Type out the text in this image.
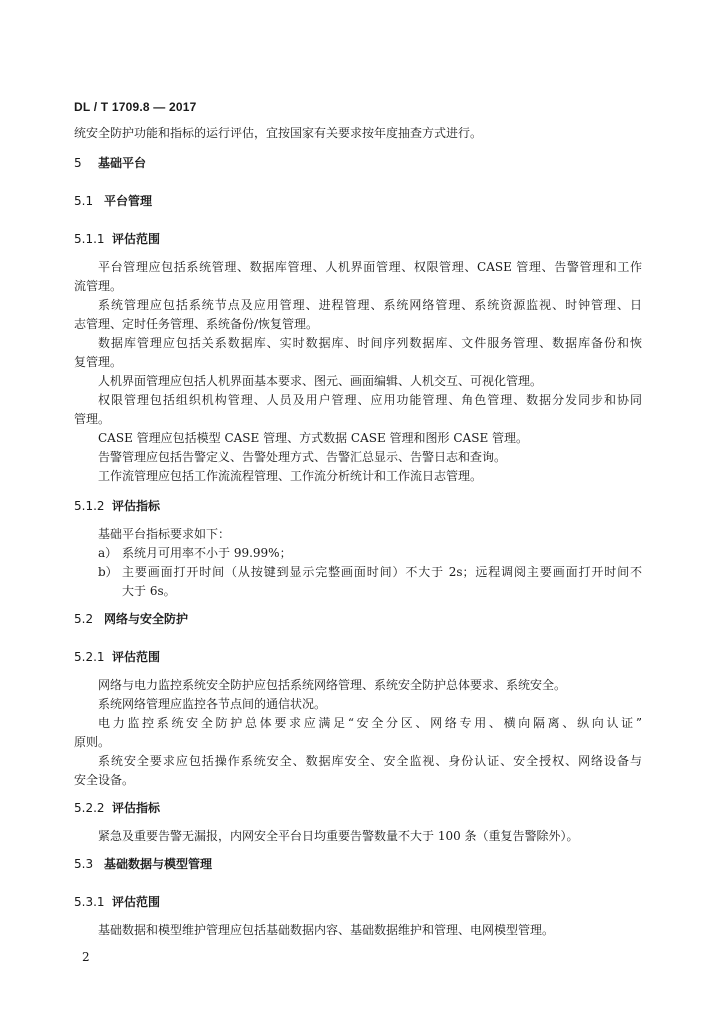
DL / T 1709.8 — 2017
统安全防护功能和指标的运行评估，宜按国家有关要求按年度抽查方式进行。
5 基础平台
5.1 平台管理
5.1.1 评估范围
平台管理应包括系统管理、数据库管理、人机界面管理、权限管理、CASE 管理、告警管理和工作
流管理。
系统管理应包括系统节点及应用管理、进程管理、系统网络管理、系统资源监视、时钟管理、日
志管理、定时任务管理、系统备份/恢复管理。
数据库管理应包括关系数据库、实时数据库、时间序列数据库、文件服务管理、数据库备份和恢
复管理。
人机界面管理应包括人机界面基本要求、图元、画面编辑、人机交互、可视化管理。
权限管理包括组织机构管理、人员及用户管理、应用功能管理、角色管理、数据分发同步和协同
管理。
CASE 管理应包括模型 CASE 管理、方式数据 CASE 管理和图形 CASE 管理。
告警管理应包括告警定义、告警处理方式、告警汇总显示、告警日志和查询。
工作流管理应包括工作流流程管理、工作流分析统计和工作流日志管理。
5.1.2 评估指标
基础平台指标要求如下：
a） 系统月可用率不小于 99.99%；
b） 主要画面打开时间（从按键到显示完整画面时间）不大于 2s；远程调阅主要画面打开时间不
大于 6s。
5.2 网络与安全防护
5.2.1 评估范围
网络与电力监控系统安全防护应包括系统网络管理、系统安全防护总体要求、系统安全。
系统网络管理应监控各节点间的通信状况。
电力监控系统安全防护总体要求应满足“安全分区、网络专用、横向隔离、纵向认证”
原则。
系统安全要求应包括操作系统安全、数据库安全、安全监视、身份认证、安全授权、网络设备与
安全设备。
5.2.2 评估指标
紧急及重要告警无漏报，内网安全平台日均重要告警数量不大于 100 条（重复告警除外）。
5.3 基础数据与模型管理
5.3.1 评估范围
基础数据和模型维护管理应包括基础数据内容、基础数据维护和管理、电网模型管理。
2
